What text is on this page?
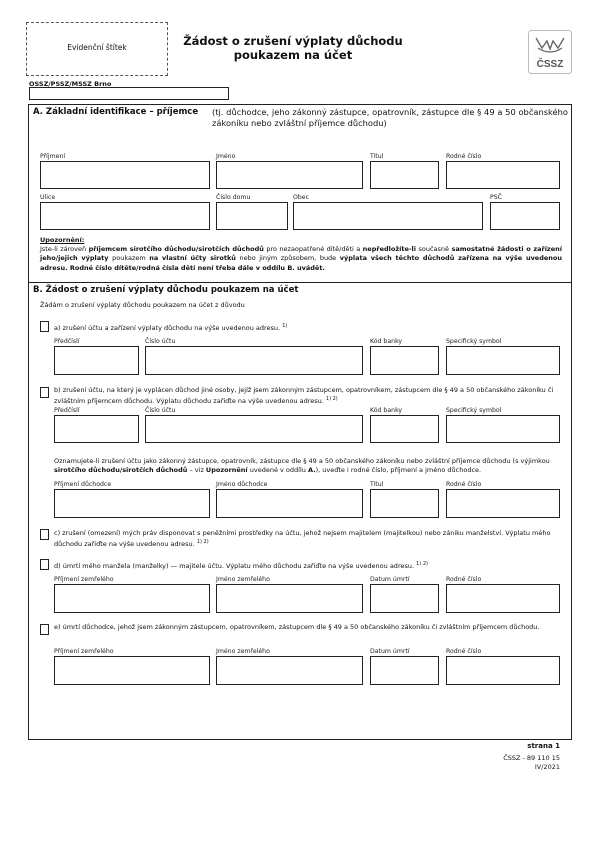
Evidenční štítek	Žádost o zrušení výplaty důchodu
poukazem na účet
ČSSZ
OSSZ/PSSZ/MSSZ Brno
A. Základní identifikace – příjemce	(tj. důchodce, jeho zákonný zástupce, opatrovník, zástupce dle § 49 a 50 občanského zákoníku nebo zvláštní příjemce důchodu)
Příjmení	Jméno	Titul	Rodné číslo
Ulice	Číslo domu	Obec	PSČ
Upozornění:
Jste-li zároveň příjemcem sirotčího důchodu/sirotčích důchodů pro nezaopatřené dítě/děti a nepředložíte-li současně samostatné žádosti o zařízení jeho/jejich výplaty poukazem na vlastní účty sirotků nebo jiným způsobem, bude výplata všech těchto důchodů zařízena na výše uvedenou adresu. Rodné číslo dítěte/rodná čísla dětí není třeba dále v oddílu B. uvádět.
B. Žádost o zrušení výplaty důchodu poukazem na účet
Žádám o zrušení výplaty důchodu poukazem na účet z důvodu
a) zrušení účtu a zařízení výplaty důchodu na výše uvedenou adresu. $^{1)}$
Předčíslí	Číslo účtu	Kód banky	Specifický symbol
b) zrušení účtu, na který je vyplácen důchod jiné osoby, jejíž jsem zákonným zástupcem, opatrovníkem, zástupcem dle § 49 a 50 občanského zákoníku či zvláštním příjemcem důchodu. Výplatu důchodu zařiďte na výše uvedenou adresu. $^{1) 2)}$
Předčíslí	Číslo účtu	Kód banky	Specifický symbol
Oznamujete-li zrušení účtu jako zákonný zástupce, opatrovník, zástupce dle § 49 a 50 občanského zákoníku nebo zvláštní příjemce důchodu (s výjimkou sirotčího důchodu/sirotčích důchodů – viz Upozornění uvedené v oddílu A.), uveďte i rodné číslo, příjmení a jméno důchodce.
Příjmení důchodce	Jméno důchodce	Titul	Rodné číslo
c) zrušení (omezení) mých práv disponovat s peněžními prostředky na účtu, jehož nejsem majitelem (majitelkou) nebo zániku manželství. Výplatu mého důchodu zařiďte na výše uvedenou adresu. $^{1) 2)}$
d) úmrtí mého manžela (manželky) — majitele účtu. Výplatu mého důchodu zařiďte na výše uvedenou adresu. $^{1) 2)}$
Příjmení zemřelého	Jméno zemřelého	Datum úmrtí	Rodné číslo
e) úmrtí důchodce, jehož jsem zákonným zástupcem, opatrovníkem, zástupcem dle § 49 a 50 občanského zákoníku či zvláštním příjemcem důchodu.
Příjmení zemřelého	Jméno zemřelého	Datum úmrtí	Rodné číslo
strana 1
ČSSZ - 89 110 15
IV/2021
